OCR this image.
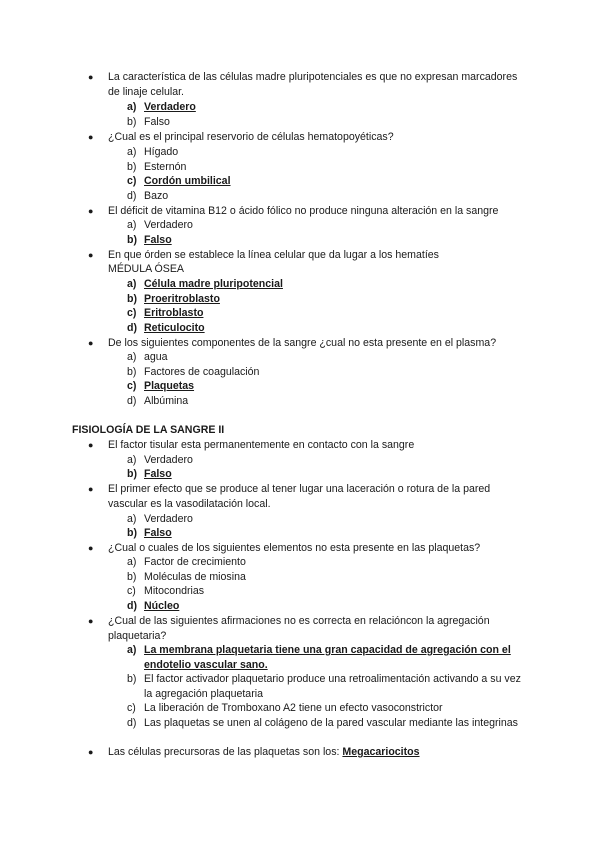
● La característica de las células madre pluripotenciales es que no expresan marcadores de linaje celular.
a) Verdadero
b) Falso
● ¿Cual es el principal reservorio de células hematopoyéticas?
a) Hígado
b) Esternón
c) Cordón umbilical
d) Bazo
● El déficit de vitamina B12 o ácido fólico no produce ninguna alteración en la sangre
a) Verdadero
b) Falso
● En que órden se establece la línea celular que da lugar a los hematíes
MÉDULA ÓSEA
a) Célula madre pluripotencial
b) Proeritroblasto
c) Eritroblasto
d) Reticulocito
● De los siguientes componentes de la sangre ¿cual no esta presente en el plasma?
a) agua
b) Factores de coagulación
c) Plaquetas
d) Albúmina
FISIOLOGÍA DE LA SANGRE II
● El factor tisular esta permanentemente en contacto con la sangre
a) Verdadero
b) Falso
● El primer efecto que se produce al tener lugar una laceración o rotura de la pared vascular es la vasodilatación local.
a) Verdadero
b) Falso
● ¿Cual o cuales de los siguientes elementos no esta presente en las plaquetas?
a) Factor de crecimiento
b) Moléculas de miosina
c) Mitocondrias
d) Núcleo
● ¿Cual de las siguientes afirmaciones no es correcta en relacióncon la agregación plaquetaria?
a) La membrana plaquetaria tiene una gran capacidad de agregación con el endotelio vascular sano.
b) El factor activador plaquetario produce una retroalimentación activando a su vez la agregación plaquetaria
c) La liberación de Tromboxano A2 tiene un efecto vasoconstrictor
d) Las plaquetas se unen al colágeno de la pared vascular mediante las integrinas
● Las células precursoras de las plaquetas son los: Megacariocitos
